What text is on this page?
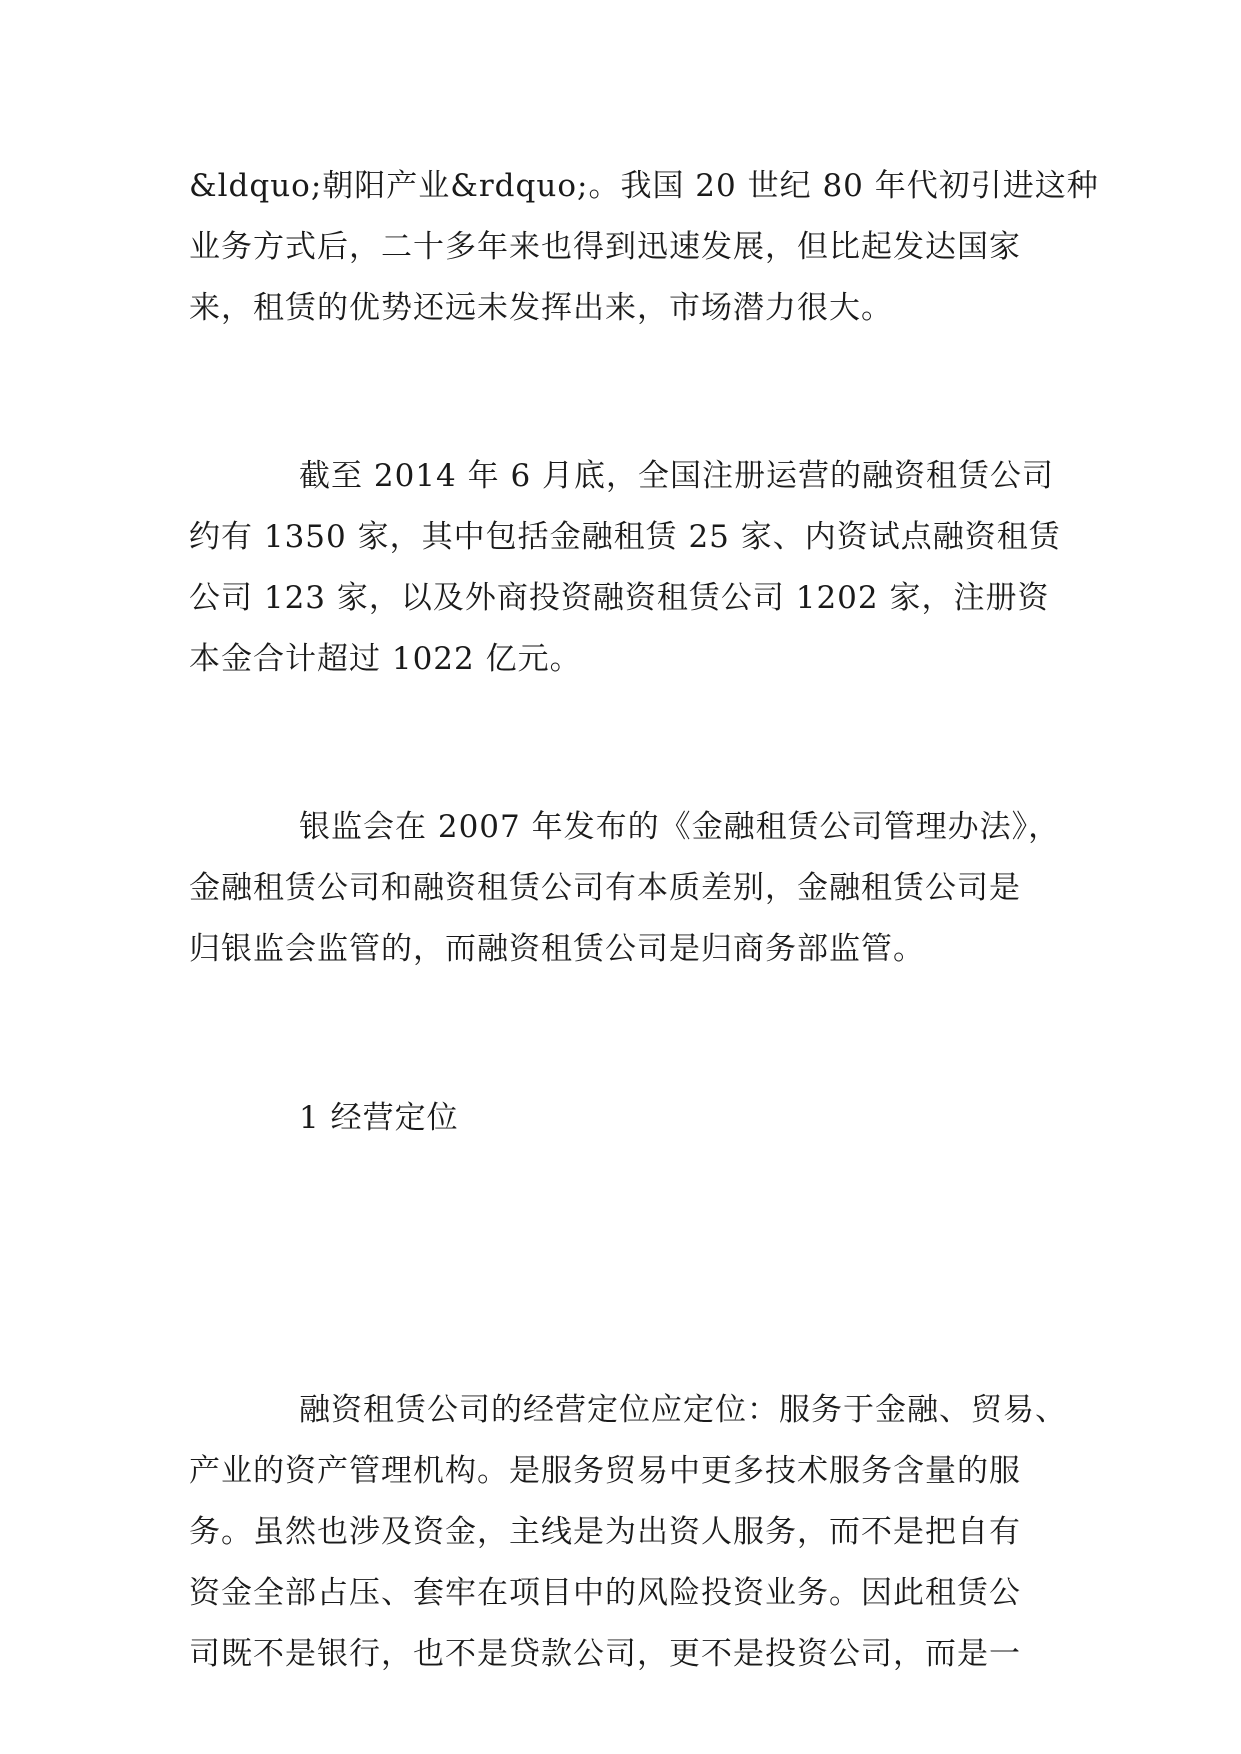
&ldquo;朝阳产业&rdquo;。我国 20 世纪 80 年代初引进这种
业务方式后，二十多年来也得到迅速发展，但比起发达国家
来，租赁的优势还远未发挥出来，市场潜力很大。

截至 2014 年 6 月底，全国注册运营的融资租赁公司
约有 1350 家，其中包括金融租赁 25 家、内资试点融资租赁
公司 123 家，以及外商投资融资租赁公司 1202 家，注册资
本金合计超过 1022 亿元。

银监会在 2007 年发布的《金融租赁公司管理办法》，
金融租赁公司和融资租赁公司有本质差别，金融租赁公司是
归银监会监管的，而融资租赁公司是归商务部监管。

1 经营定位

融资租赁公司的经营定位应定位：服务于金融、贸易、
产业的资产管理机构。是服务贸易中更多技术服务含量的服
务。虽然也涉及资金，主线是为出资人服务，而不是把自有
资金全部占压、套牢在项目中的风险投资业务。因此租赁公
司既不是银行，也不是贷款公司，更不是投资公司，而是一
